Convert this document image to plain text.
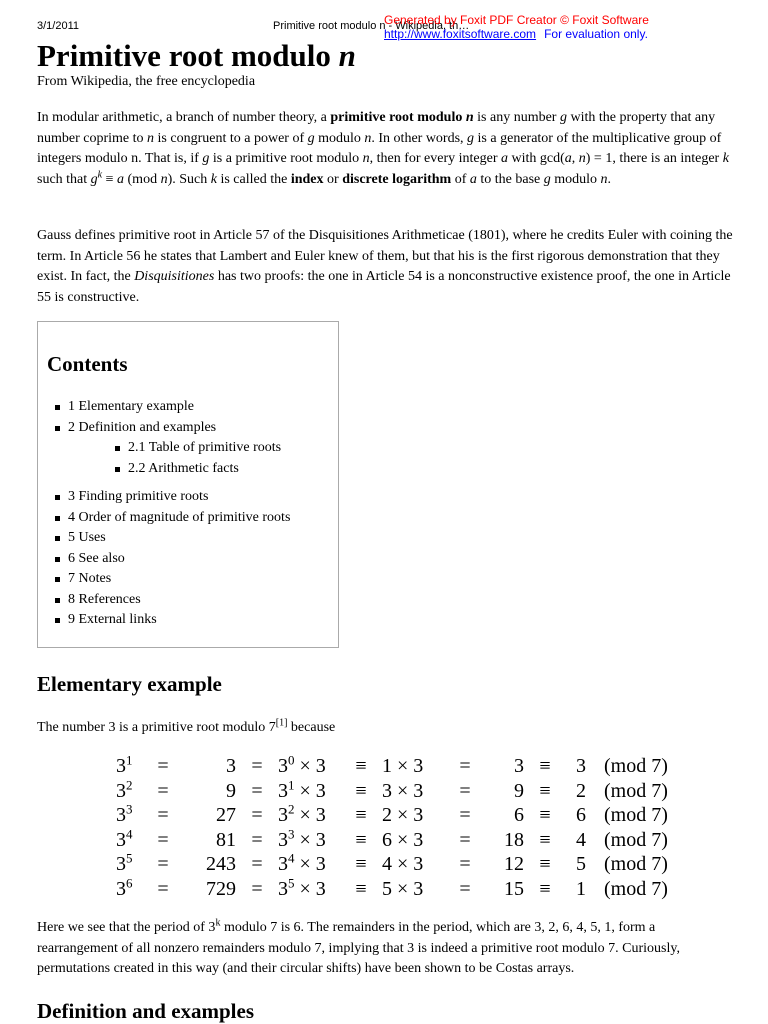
3/1/2011	Primitive root modulo n - Wikipedia, th…
Generated by Foxit PDF Creator © Foxit Software
http://www.foxitsoftware.com For evaluation only.
Primitive root modulo n
From Wikipedia, the free encyclopedia
In modular arithmetic, a branch of number theory, a primitive root modulo n is any number g with the property that any number coprime to n is congruent to a power of g modulo n. In other words, g is a generator of the multiplicative group of integers modulo n. That is, if g is a primitive root modulo n, then for every integer a with gcd(a, n) = 1, there is an integer k such that $g^k \equiv a$ (mod n). Such k is called the index or discrete logarithm of a to the base g modulo n.
Gauss defines primitive root in Article 57 of the Disquisitiones Arithmeticae (1801), where he credits Euler with coining the term. In Article 56 he states that Lambert and Euler knew of them, but that his is the first rigorous demonstration that they exist. In fact, the Disquisitiones has two proofs: the one in Article 54 is a nonconstructive existence proof, the one in Article 55 is constructive.
Contents
1 Elementary example
2 Definition and examples
2.1 Table of primitive roots
2.2 Arithmetic facts
3 Finding primitive roots
4 Order of magnitude of primitive roots
5 Uses
6 See also
7 Notes
8 References
9 External links
Elementary example
The number 3 is a primitive root modulo 7[1] because
$3^1$	=	3	=	$3^0 \times 3$	≡	1 × 3	=	3	≡	3	(mod 7)
$3^2$	=	9	=	$3^1 \times 3$	≡	3 × 3	=	9	≡	2	(mod 7)
$3^3$	=	27	=	$3^2 \times 3$	≡	2 × 3	=	6	≡	6	(mod 7)
$3^4$	=	81	=	$3^3 \times 3$	≡	6 × 3	=	18	≡	4	(mod 7)
$3^5$	=	243	=	$3^4 \times 3$	≡	4 × 3	=	12	≡	5	(mod 7)
$3^6$	=	729	=	$3^5 \times 3$	≡	5 × 3	=	15	≡	1	(mod 7)
Here we see that the period of 3$^k$ modulo 7 is 6. The remainders in the period, which are 3, 2, 6, 4, 5, 1, form a rearrangement of all nonzero remainders modulo 7, implying that 3 is indeed a primitive root modulo 7. Curiously, permutations created in this way (and their circular shifts) have been shown to be Costas arrays.
Definition and examples
